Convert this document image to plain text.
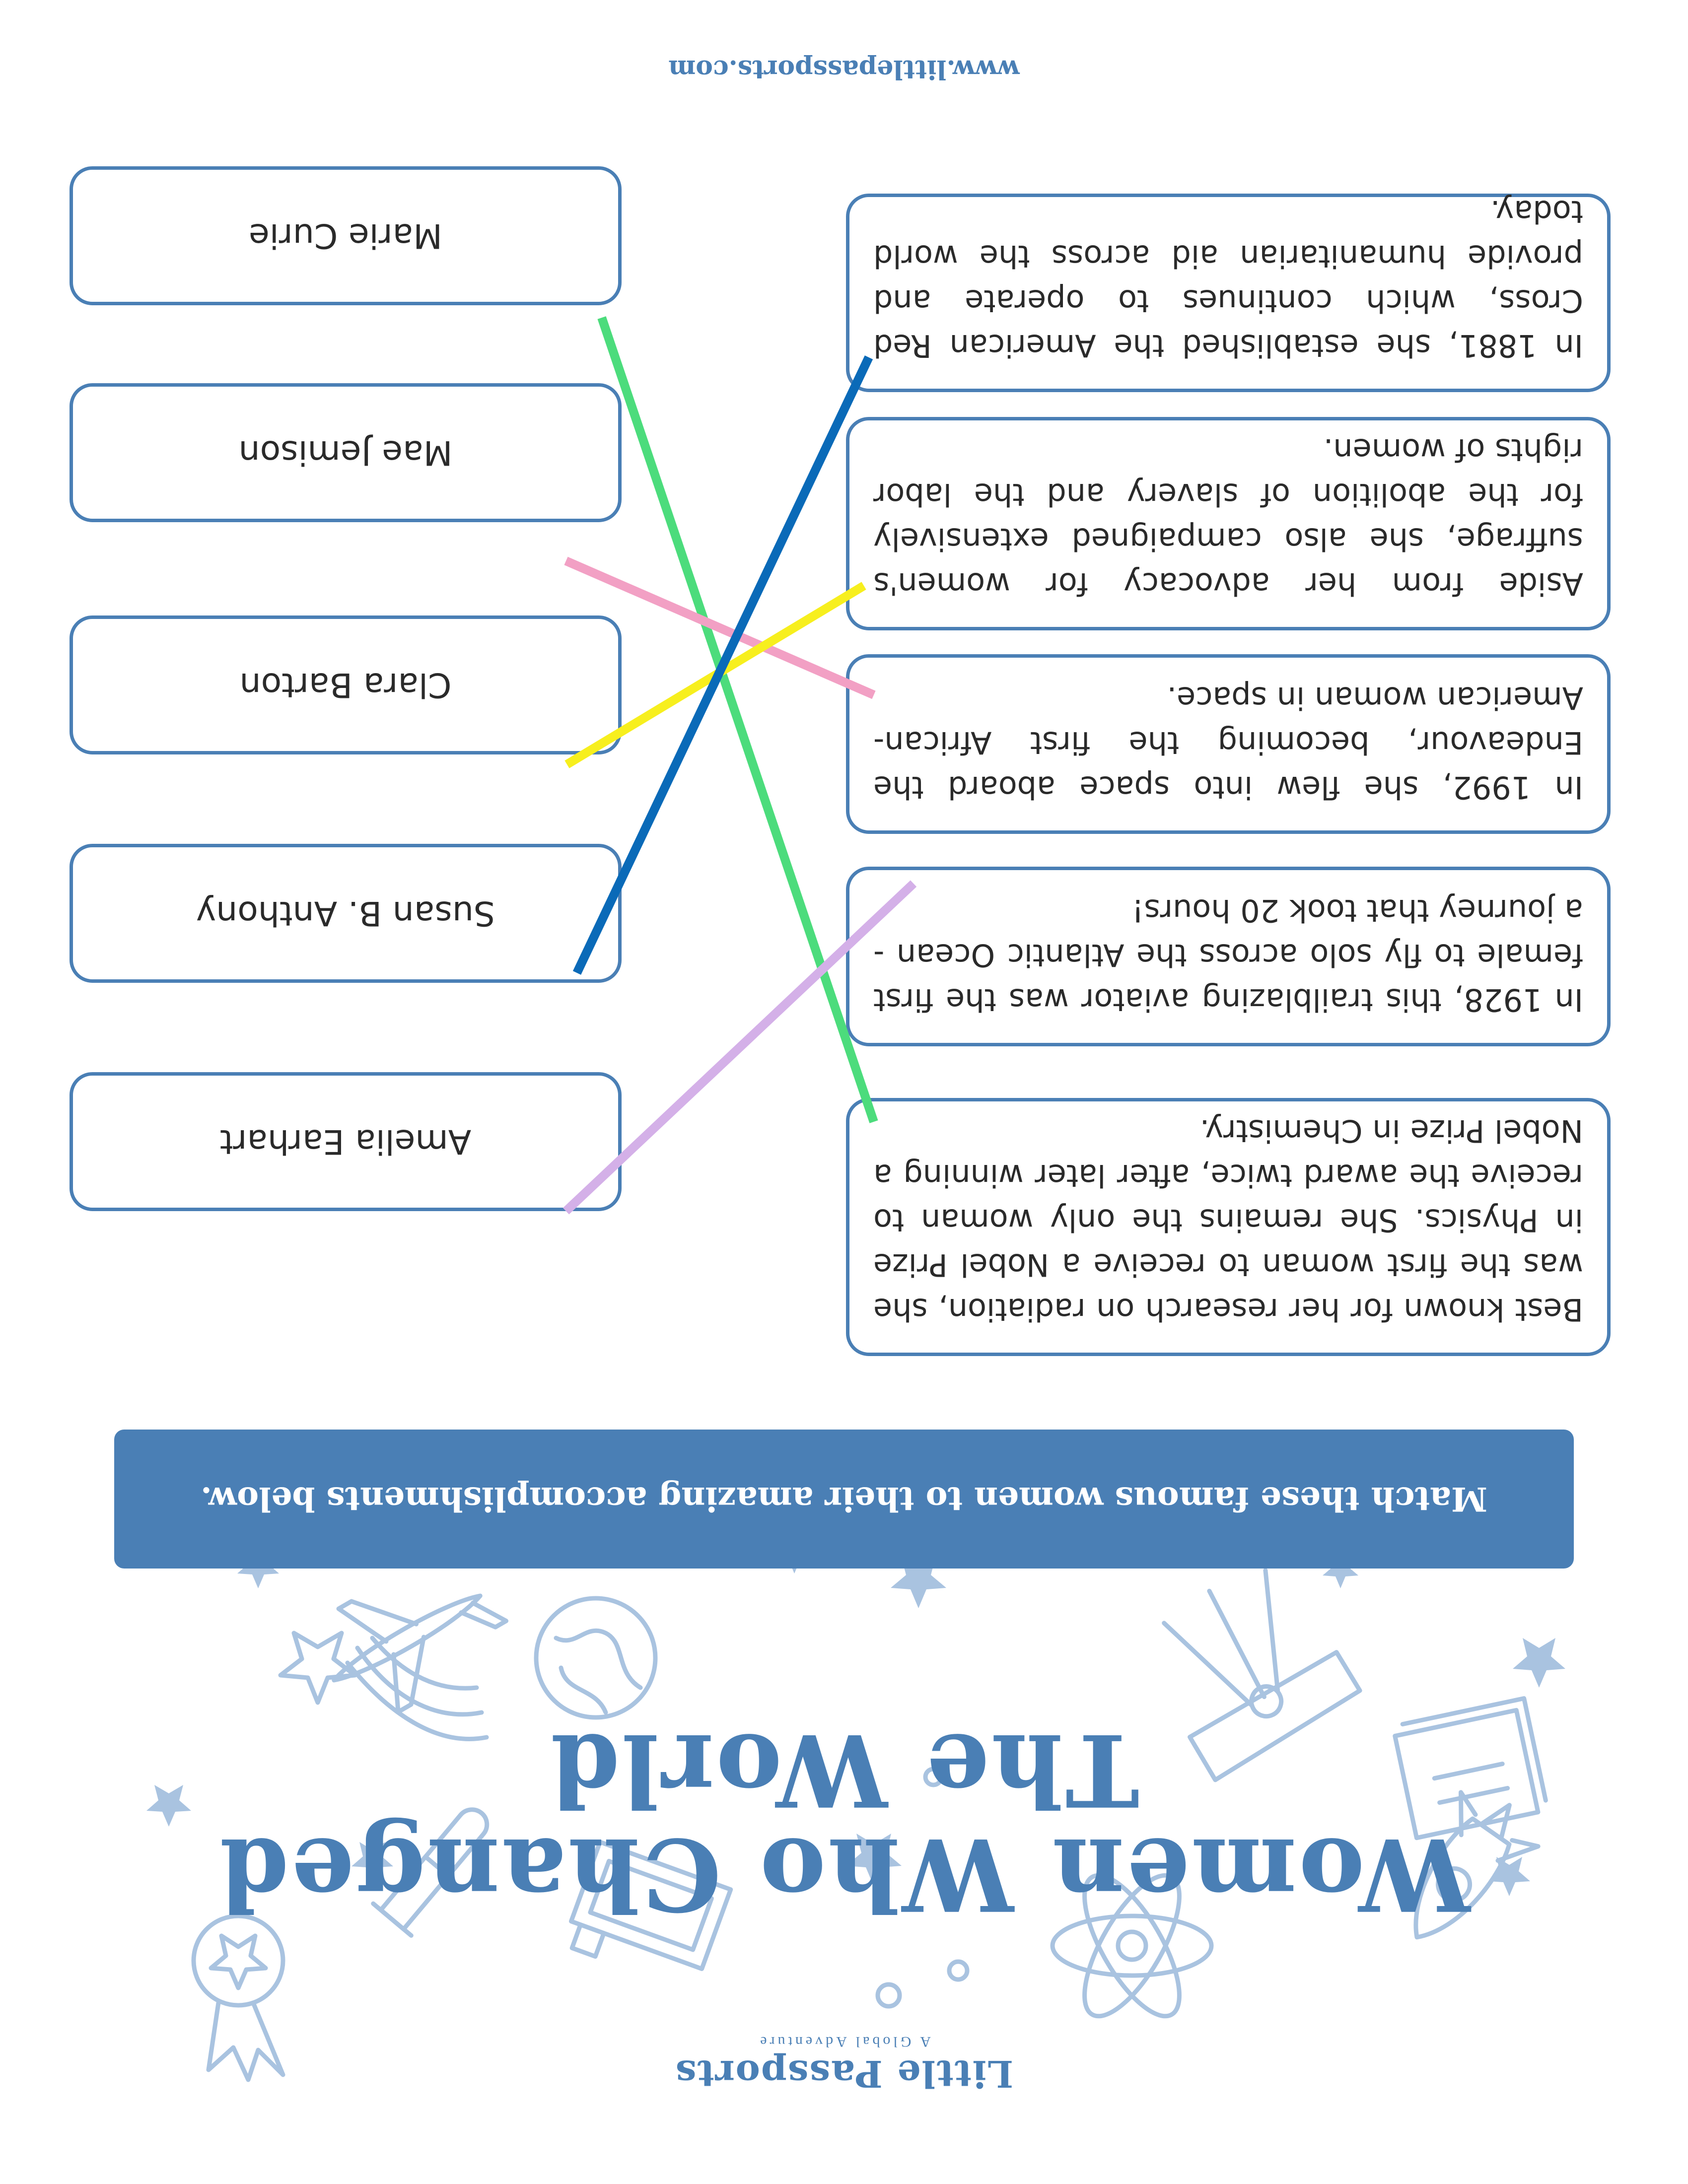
Little Passports
A Global Adventure
Women Who Changed
The World
Match these famous women to their amazing accomplishments below.
Best known for her research on radiation, she was the first woman to receive a Nobel Prize in Physics. She remains the only woman to receive the award twice, after later winning a Nobel Prize in Chemistry.
In 1928, this trailblazing aviator was the first female to fly solo across the Atlantic Ocean - a journey that took 20 hours!
In 1992, she flew into space aboard the Endeavour, becoming the first African-American woman in space.
Aside from her advocacy for women's suffrage, she also campaigned extensively for the abolition of slavery and the labor rights of women.
In 1881, she established the American Red Cross, which continues to operate and provide humanitarian aid across the world today.
Amelia Earhart
Susan B. Anthony
Clara Barton
Mae Jemison
Marie Curie
www.littlepassports.com
